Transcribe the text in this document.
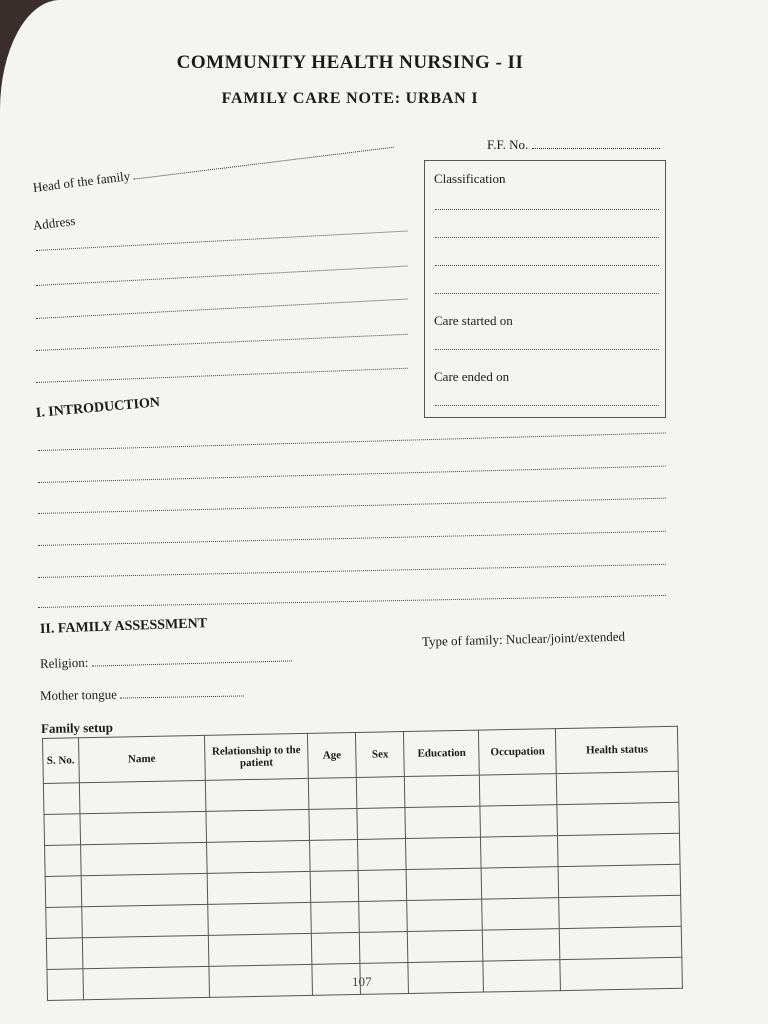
COMMUNITY HEALTH NURSING - II
FAMILY CARE NOTE: URBAN I
F.F. No.
Head of the family
Address
Classification
Care started on
Care ended on
I. INTRODUCTION
II. FAMILY ASSESSMENT
Religion:
Type of family: Nuclear/joint/extended
Mother tongue
Family setup
S. No.	Name	Relationship to the patient	Age	Sex	Education	Occupation	Health status

107
